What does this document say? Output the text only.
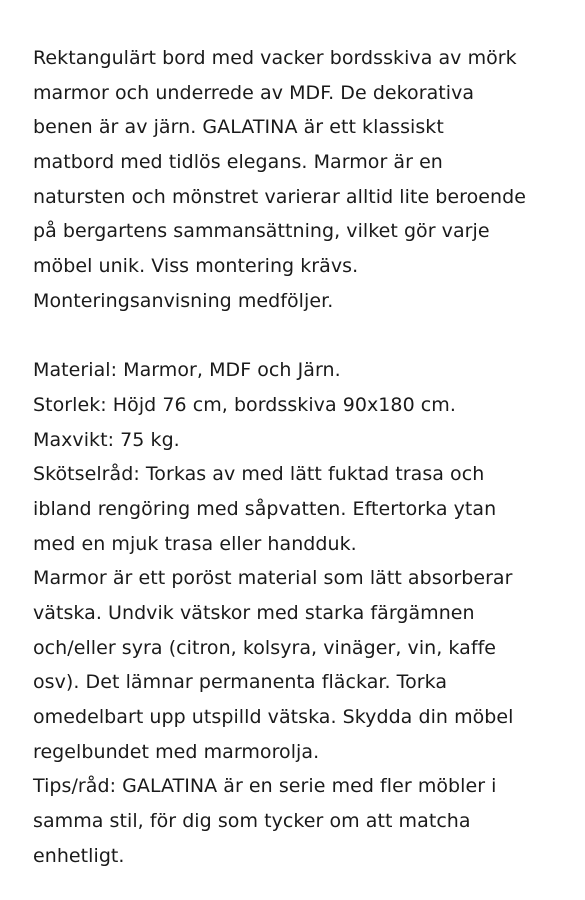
Rektangulärt bord med vacker bordsskiva av mörk
marmor och underrede av MDF. De dekorativa
benen är av järn. GALATINA är ett klassiskt
matbord med tidlös elegans. Marmor är en
natursten och mönstret varierar alltid lite beroende
på bergartens sammansättning, vilket gör varje
möbel unik. Viss montering krävs.
Monteringsanvisning medföljer.
Material: Marmor, MDF och Järn.
Storlek: Höjd 76 cm, bordsskiva 90x180 cm.
Maxvikt: 75 kg.
Skötselråd: Torkas av med lätt fuktad trasa och
ibland rengöring med såpvatten. Eftertorka ytan
med en mjuk trasa eller handduk.
Marmor är ett poröst material som lätt absorberar
vätska. Undvik vätskor med starka färgämnen
och/eller syra (citron, kolsyra, vinäger, vin, kaffe
osv). Det lämnar permanenta fläckar. Torka
omedelbart upp utspilld vätska. Skydda din möbel
regelbundet med marmorolja.
Tips/råd: GALATINA är en serie med fler möbler i
samma stil, för dig som tycker om att matcha
enhetligt.
